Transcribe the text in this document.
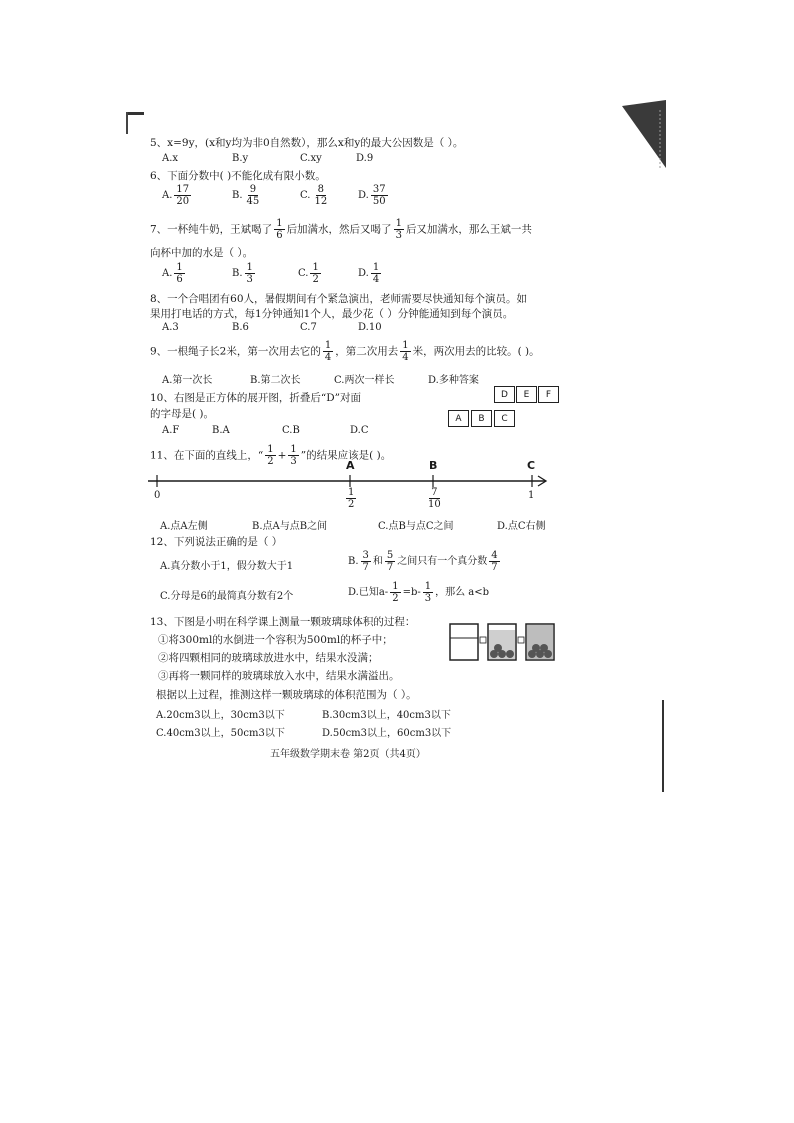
5、x=9y，(x和y均为非0自然数），那么x和y的最大公因数是（ ）。
A.x	B.y	C.xy	D.9
6、下面分数中( )不能化成有限小数。
A. $\frac{17}{20}$	B. $\frac{9}{45}$	C. $\frac{8}{12}$	D. $\frac{37}{50}$
7、一杯纯牛奶，王斌喝了 $\frac{1}{6}$ 后加满水，然后又喝了 $\frac{1}{3}$ 后又加满水，那么王斌一共
向杯中加的水是（ ）。
A. $\frac{1}{6}$	B. $\frac{1}{3}$	C. $\frac{1}{2}$	D. $\frac{1}{4}$
8、一个合唱团有60人，暑假期间有个紧急演出，老师需要尽快通知每个演员。如
果用打电话的方式，每1分钟通知1个人，最少花（ ）分钟能通知到每个演员。
A.3	B.6	C.7	D.10
9、一根绳子长2米，第一次用去它的 $\frac{1}{4}$ ，第二次用去 $\frac{1}{4}$ 米，两次用去的比较。( )。
A.第一次长	B.第二次长	C.两次一样长	D.多种答案
10、右图是正方体的展开图，折叠后“D”对面
的字母是( )。
A.F	B.A	C.B	D.C
D	E	F
A	B	C
11、在下面的直线上，“ $\frac{1}{2} + \frac{1}{3}$ ”的结果应该是( )。
A	B	C
0	$\frac{1}{2}$	$\frac{7}{10}$	1
A.点A左侧	B.点A与点B之间	C.点B与点C之间	D.点C右侧
12、下列说法正确的是（ ）
A.真分数小于1，假分数大于1	B. $\frac{3}{7}$ 和 $\frac{5}{7}$ 之间只有一个真分数 $\frac{4}{7}$
C.分母是6的最简真分数有2个	D.已知$a- \frac{1}{2} =b- \frac{1}{3}$ ，那么 a<b
13、下图是小明在科学课上测量一颗玻璃球体积的过程：
①将300ml的水倒进一个容积为500ml的杯子中；
②将四颗相同的玻璃球放进水中，结果水没满；
③再将一颗同样的玻璃球放入水中，结果水满溢出。
根据以上过程，推测这样一颗玻璃球的体积范围为（ ）。
A.20cm3以上，30cm3以下	B.30cm3以上，40cm3以下
C.40cm3以上，50cm3以下	D.50cm3以上，60cm3以下
五年级数学期末卷 第2页（共4页）
